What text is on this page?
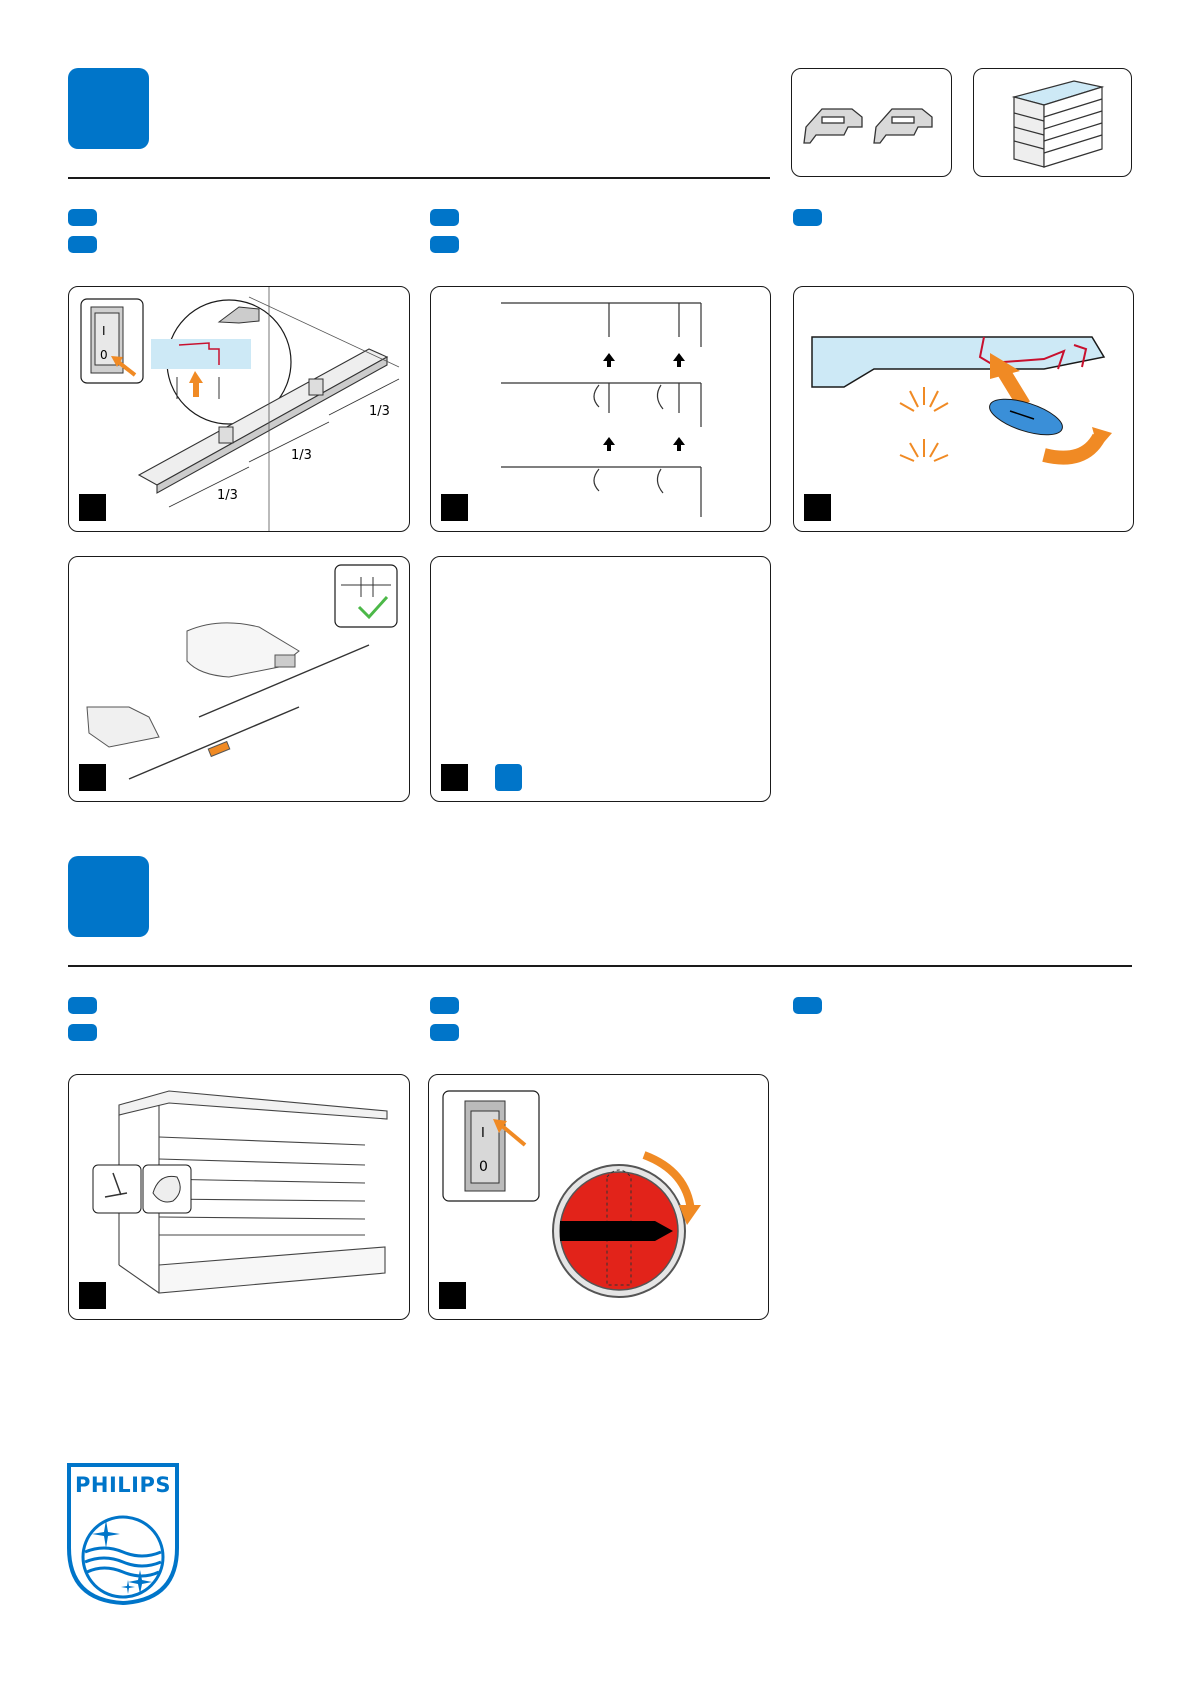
I
0
1/3
1/3
1/3
I
0
PHILIPS
